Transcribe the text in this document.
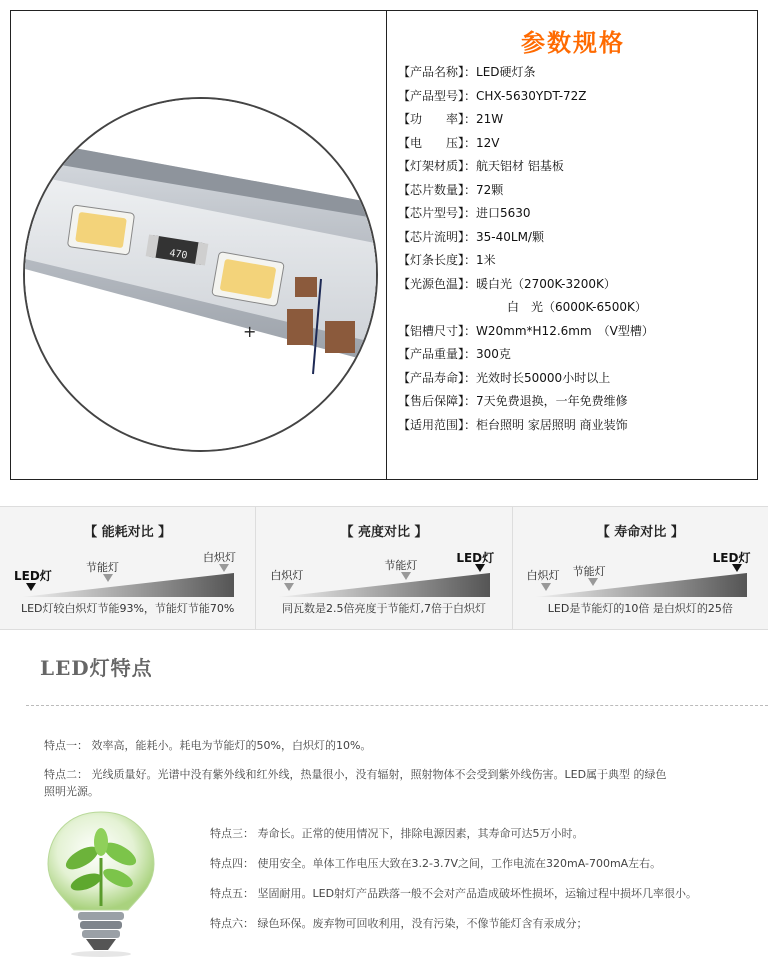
470
+
参数规格
【产品名称】：LED硬灯条
【产品型号】：CHX-5630YDT-72Z
【功　　率】：21W
【电　　压】：12V
【灯架材质】：航天铝材 铝基板
【芯片数量】：72颗
【芯片型号】：进口5630
【芯片流明】：35-40LM/颗
【灯条长度】：1米
【光源色温】：暖白光（2700K-3200K）
白　光（6000K-6500K）
【铝槽尺寸】：W20mm*H12.6mm　（V型槽）
【产品重量】：300克
【产品寿命】：光效时长50000小时以上
【售后保障】：7天免费退换，一年免费维修
【适用范围】：柜台照明 家居照明 商业装饰
【 能耗对比 】
LED灯
节能灯
白炽灯
LED灯较白炽灯节能93%，节能灯节能70%
【 亮度对比 】
白炽灯
节能灯
LED灯
同瓦数是2.5倍亮度于节能灯,7倍于白炽灯
【 寿命对比 】
白炽灯 节能灯
LED灯
LED是节能灯的10倍 是白炽灯的25倍
LED灯特点
特点一： 效率高，能耗小。耗电为节能灯的50%，白炽灯的10%。
特点二： 光线质量好。光谱中没有紫外线和红外线，热量很小，没有辐射，照射物体不会受到紫外线伤害。LED属于典型 的绿色
照明光源。
特点三： 寿命长。正常的使用情况下，排除电源因素，其寿命可达5万小时。
特点四： 使用安全。单体工作电压大致在3.2-3.7V之间，工作电流在320mA-700mA左右。
特点五： 坚固耐用。LED射灯产品跌落一般不会对产品造成破坏性损坏，运输过程中损坏几率很小。
特点六： 绿色环保。废弃物可回收利用，没有污染，不像节能灯含有汞成分；
